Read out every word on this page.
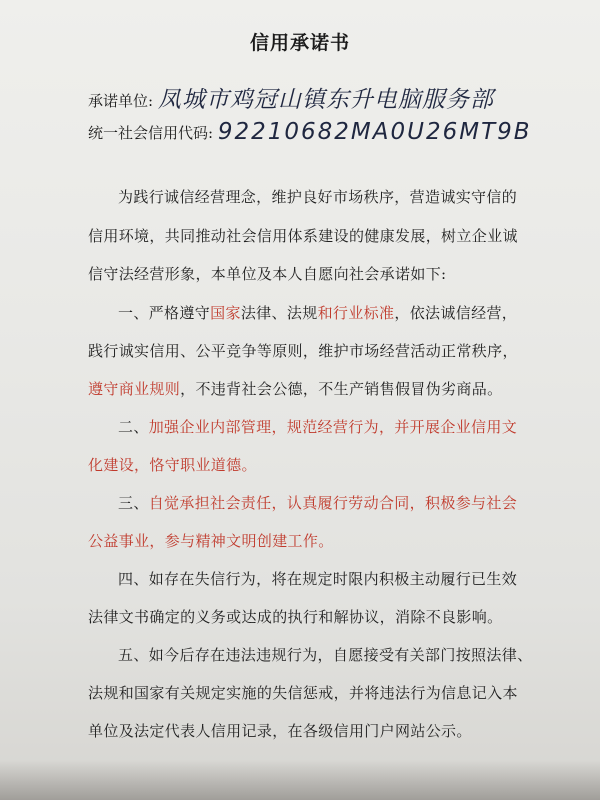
信用承诺书
承诺单位: 凤城市鸡冠山镇东升电脑服务部
统一社会信用代码: 92210682MA0U26MT9B
为践行诚信经营理念，维护良好市场秩序，营造诚实守信的
信用环境，共同推动社会信用体系建设的健康发展，树立企业诚
信守法经营形象，本单位及本人自愿向社会承诺如下:
一、严格遵守国家法律、法规和行业标准，依法诚信经营，
践行诚实信用、公平竞争等原则，维护市场经营活动正常秩序，
遵守商业规则，不违背社会公德，不生产销售假冒伪劣商品。
二、加强企业内部管理，规范经营行为，并开展企业信用文
化建设，恪守职业道德。
三、自觉承担社会责任，认真履行劳动合同，积极参与社会
公益事业，参与精神文明创建工作。
四、如存在失信行为，将在规定时限内积极主动履行已生效
法律文书确定的义务或达成的执行和解协议，消除不良影响。
五、如今后存在违法违规行为，自愿接受有关部门按照法律、
法规和国家有关规定实施的失信惩戒，并将违法行为信息记入本
单位及法定代表人信用记录，在各级信用门户网站公示。
